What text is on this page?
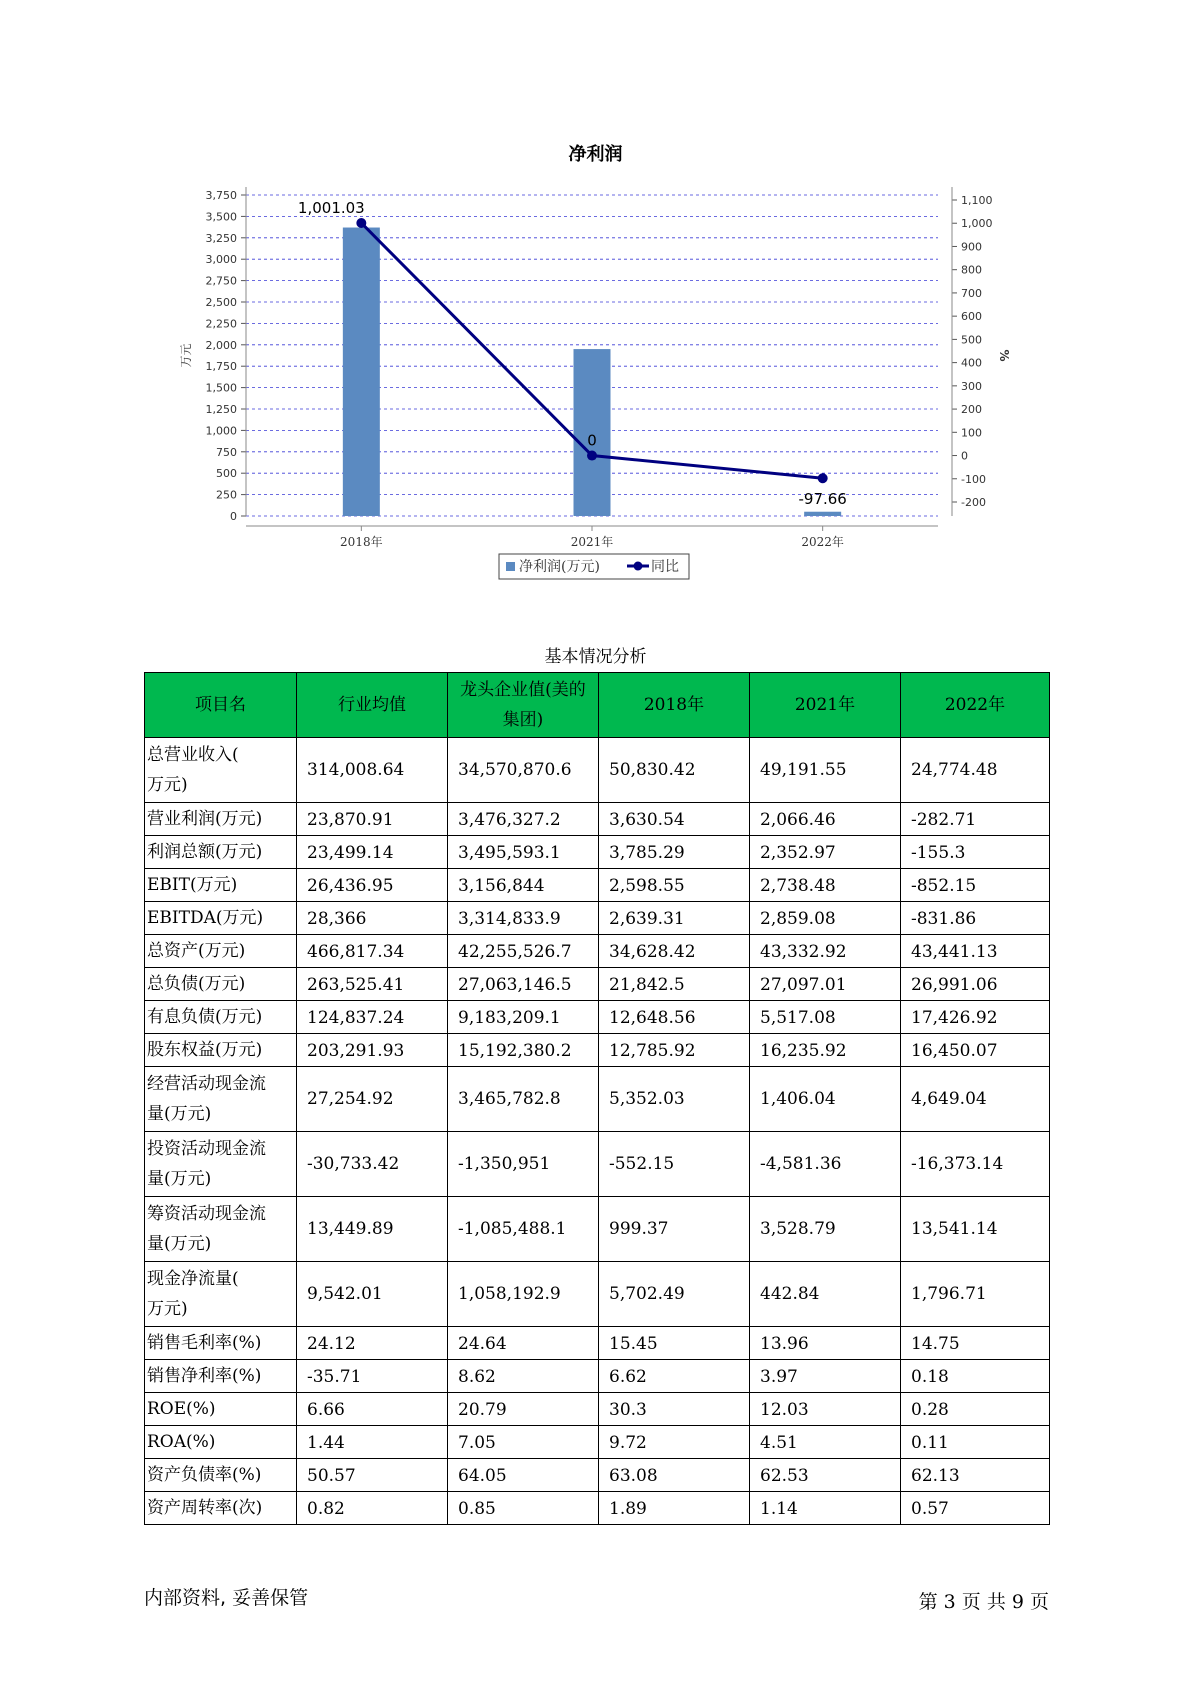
净利润
0
250
500
750
1,000
1,250
1,500
1,750
2,000
2,250
2,500
2,750
3,000
3,250
3,500
3,750
-200
-100
0
100
200
300
400
500
600
700
800
900
1,000
1,100
万元	%
2018年	2021年	2022年
1,001.03
0
-97.66
净利润(万元)	同比
基本情况分析
项目名	行业均值	龙头企业值(美的集团)	2018年	2021年	2022年

总营业收入(
万元)	314,008.64	34,570,870.6	50,830.42	49,191.55	24,774.48
营业利润(万元)	23,870.91	3,476,327.2	3,630.54	2,066.46	-282.71
利润总额(万元)	23,499.14	3,495,593.1	3,785.29	2,352.97	-155.3
EBIT(万元)	26,436.95	3,156,844	2,598.55	2,738.48	-852.15
EBITDA(万元)	28,366	3,314,833.9	2,639.31	2,859.08	-831.86
总资产(万元)	466,817.34	42,255,526.7	34,628.42	43,332.92	43,441.13
总负债(万元)	263,525.41	27,063,146.5	21,842.5	27,097.01	26,991.06
有息负债(万元)	124,837.24	9,183,209.1	12,648.56	5,517.08	17,426.92
股东权益(万元)	203,291.93	15,192,380.2	12,785.92	16,235.92	16,450.07

经营活动现金流
量(万元)	27,254.92	3,465,782.8	5,352.03	1,406.04	4,649.04

投资活动现金流
量(万元)	-30,733.42	-1,350,951	-552.15	-4,581.36	-16,373.14

筹资活动现金流
量(万元)	13,449.89	-1,085,488.1	999.37	3,528.79	13,541.14

现金净流量(
万元)	9,542.01	1,058,192.9	5,702.49	442.84	1,796.71
销售毛利率(%)	24.12	24.64	15.45	13.96	14.75
销售净利率(%)	-35.71	8.62	6.62	3.97	0.18
ROE(%)	6.66	20.79	30.3	12.03	0.28
ROA(%)	1.44	7.05	9.72	4.51	0.11
资产负债率(%)	50.57	64.05	63.08	62.53	62.13
资产周转率(次)	0.82	0.85	1.89	1.14	0.57
内部资料, 妥善保管	第 3 页 共 9 页
